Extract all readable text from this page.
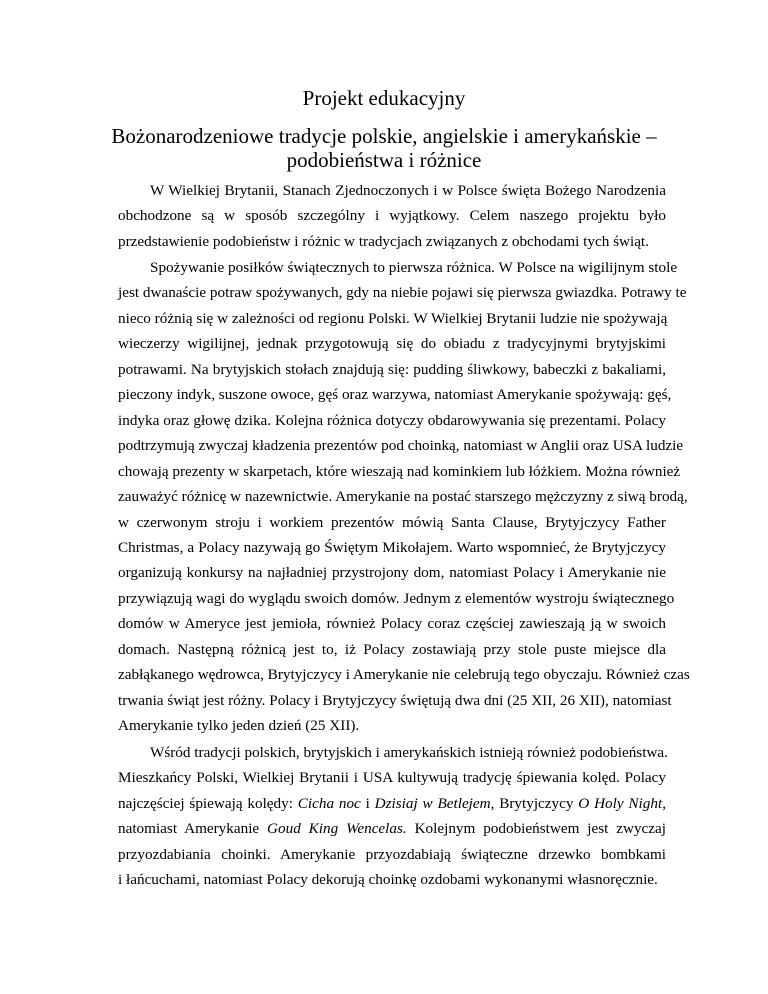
Projekt edukacyjny
Bożonarodzeniowe tradycje polskie, angielskie i amerykańskie –
podobieństwa i różnice
W Wielkiej Brytanii, Stanach Zjednoczonych i w Polsce święta Bożego Narodzenia
obchodzone są w sposób szczególny i wyjątkowy. Celem naszego projektu było
przedstawienie podobieństw i różnic w tradycjach związanych z obchodami tych świąt.
Spożywanie posiłków świątecznych to pierwsza różnica. W Polsce na wigilijnym stole
jest dwanaście potraw spożywanych, gdy na niebie pojawi się pierwsza gwiazdka. Potrawy te
nieco różnią się w zależności od regionu Polski. W Wielkiej Brytanii ludzie nie spożywają
wieczerzy wigilijnej, jednak przygotowują się do obiadu z tradycyjnymi brytyjskimi
potrawami. Na brytyjskich stołach znajdują się: pudding śliwkowy, babeczki z bakaliami,
pieczony indyk, suszone owoce, gęś oraz warzywa, natomiast Amerykanie spożywają: gęś,
indyka oraz głowę dzika. Kolejna różnica dotyczy obdarowywania się prezentami. Polacy
podtrzymują zwyczaj kładzenia prezentów pod choinką, natomiast w Anglii oraz USA ludzie
chowają prezenty w skarpetach, które wieszają nad kominkiem lub łóżkiem. Można również
zauważyć różnicę w nazewnictwie. Amerykanie na postać starszego mężczyzny z siwą brodą,
w czerwonym stroju i workiem prezentów mówią Santa Clause, Brytyjczycy Father
Christmas, a Polacy nazywają go Świętym Mikołajem. Warto wspomnieć, że Brytyjczycy
organizują konkursy na najładniej przystrojony dom, natomiast Polacy i Amerykanie nie
przywiązują wagi do wyglądu swoich domów. Jednym z elementów wystroju świątecznego
domów w Ameryce jest jemioła, również Polacy coraz częściej zawieszają ją w swoich
domach. Następną różnicą jest to, iż Polacy zostawiają przy stole puste miejsce dla
zabłąkanego wędrowca, Brytyjczycy i Amerykanie nie celebrują tego obyczaju. Również czas
trwania świąt jest różny. Polacy i Brytyjczycy świętują dwa dni (25 XII, 26 XII), natomiast
Amerykanie tylko jeden dzień (25 XII).
Wśród tradycji polskich, brytyjskich i amerykańskich istnieją również podobieństwa.
Mieszkańcy Polski, Wielkiej Brytanii i USA kultywują tradycję śpiewania kolęd. Polacy
najczęściej śpiewają kolędy: Cicha noc i Dzisiaj w Betlejem, Brytyjczycy O Holy Night,
natomiast Amerykanie Goud King Wencelas. Kolejnym podobieństwem jest zwyczaj
przyozdabiania choinki. Amerykanie przyozdabiają świąteczne drzewko bombkami
i łańcuchami, natomiast Polacy dekorują choinkę ozdobami wykonanymi własnoręcznie.
